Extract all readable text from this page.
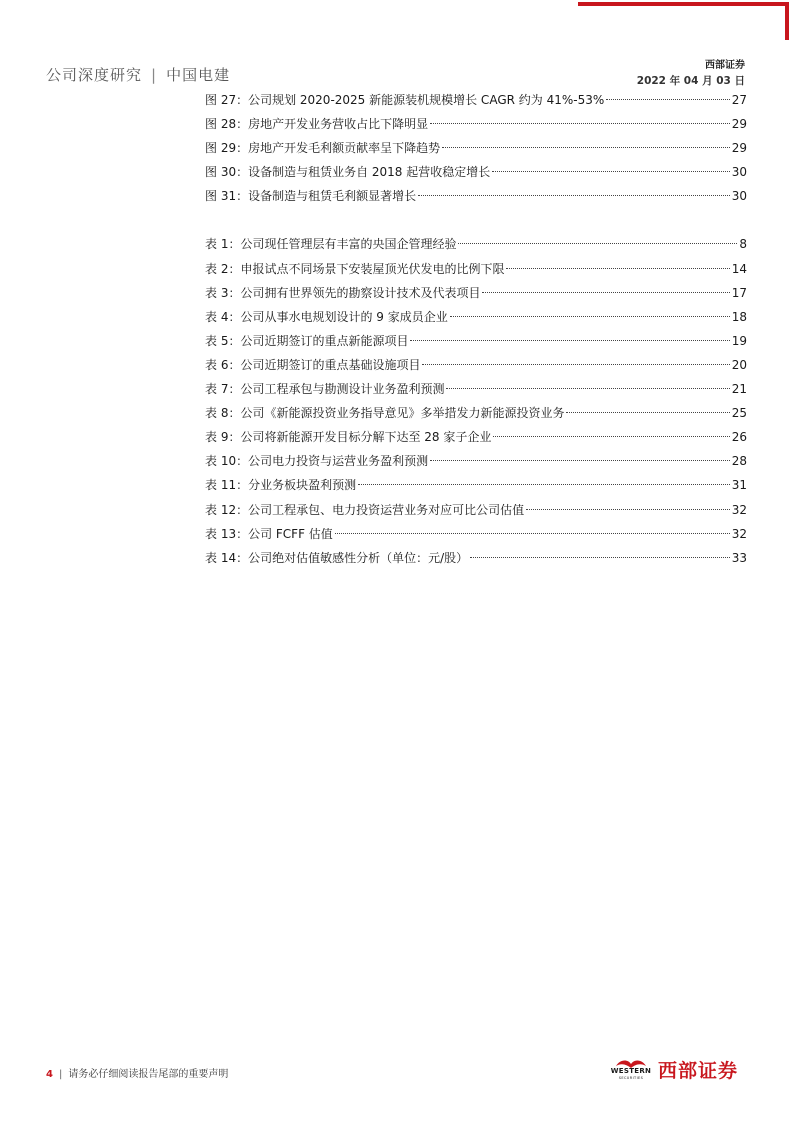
公司深度研究 | 中国电建
西部证券
2022 年 04 月 03 日
图 27：公司规划 2020-2025 新能源装机规模增长 CAGR 约为 41%-53%	27
图 28：房地产开发业务营收占比下降明显	29
图 29：房地产开发毛利额贡献率呈下降趋势	29
图 30：设备制造与租赁业务自 2018 起营收稳定增长	30
图 31：设备制造与租赁毛利额显著增长	30
表 1：公司现任管理层有丰富的央国企管理经验	8
表 2：申报试点不同场景下安装屋顶光伏发电的比例下限	14
表 3：公司拥有世界领先的勘察设计技术及代表项目	17
表 4：公司从事水电规划设计的 9 家成员企业	18
表 5：公司近期签订的重点新能源项目	19
表 6：公司近期签订的重点基础设施项目	20
表 7：公司工程承包与勘测设计业务盈利预测	21
表 8：公司《新能源投资业务指导意见》多举措发力新能源投资业务	25
表 9：公司将新能源开发目标分解下达至 28 家子企业	26
表 10：公司电力投资与运营业务盈利预测	28
表 11：分业务板块盈利预测	31
表 12：公司工程承包、电力投资运营业务对应可比公司估值	32
表 13：公司 FCFF 估值	32
表 14：公司绝对估值敏感性分析（单位：元/股）	33
4 | 请务必仔细阅读报告尾部的重要声明	WESTERN
SECURITIES 西部证券
